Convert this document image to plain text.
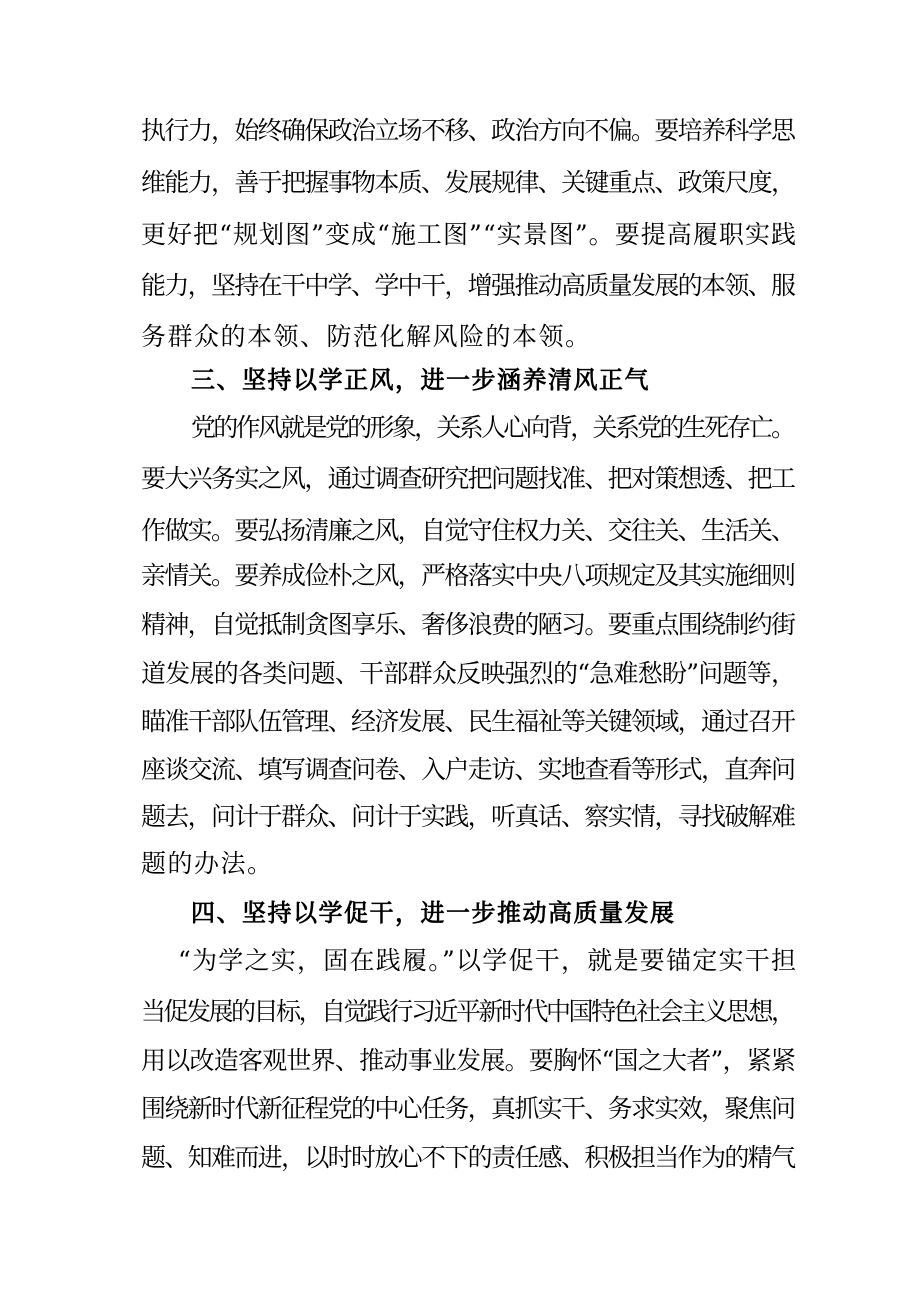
执行力，始终确保政治立场不移、政治方向不偏。要培养科学思
维能力，善于把握事物本质、发展规律、关键重点、政策尺度，
更好把“规划图”变成“施工图”“实景图”。要提高履职实践
能力，坚持在干中学、学中干，增强推动高质量发展的本领、服
务群众的本领、防范化解风险的本领。
三、坚持以学正风，进一步涵养清风正气
党的作风就是党的形象，关系人心向背，关系党的生死存亡。
要大兴务实之风，通过调查研究把问题找准、把对策想透、把工
作做实。要弘扬清廉之风，自觉守住权力关、交往关、生活关、
亲情关。要养成俭朴之风，严格落实中央八项规定及其实施细则
精神，自觉抵制贪图享乐、奢侈浪费的陋习。要重点围绕制约街
道发展的各类问题、干部群众反映强烈的“急难愁盼”问题等，
瞄准干部队伍管理、经济发展、民生福祉等关键领域，通过召开
座谈交流、填写调查问卷、入户走访、实地查看等形式，直奔问
题去，问计于群众、问计于实践，听真话、察实情，寻找破解难
题的办法。
四、坚持以学促干，进一步推动高质量发展
“为学之实，固在践履。”以学促干，就是要锚定实干担
当促发展的目标，自觉践行习近平新时代中国特色社会主义思想，
用以改造客观世界、推动事业发展。要胸怀“国之大者”，紧紧
围绕新时代新征程党的中心任务，真抓实干、务求实效，聚焦问
题、知难而进，以时时放心不下的责任感、积极担当作为的精气
